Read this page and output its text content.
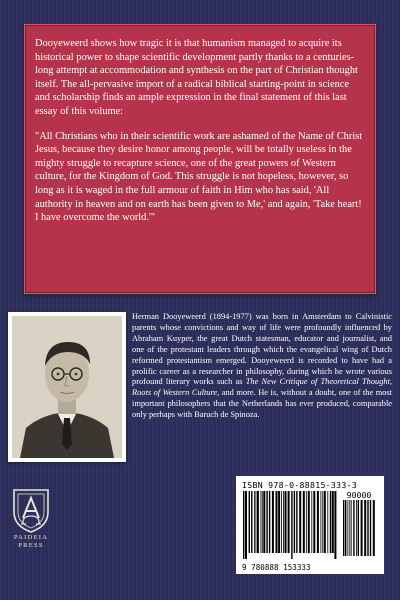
Dooyeweerd shows how tragic it is that humanism managed to acquire its historical power to shape scientific development partly thanks to a centuries-long attempt at accommodation and synthesis on the part of Christian thought itself. The all-pervasive import of a radical biblical starting-point in science and scholarship finds an ample expression in the final statement of this last essay of this volume:

"All Christians who in their scientific work are ashamed of the Name of Christ Jesus, because they desire honor among people, will be totally useless in the mighty struggle to recapture science, one of the great powers of Western culture, for the Kingdom of God. This struggle is not hopeless, however, so long as it is waged in the full armour of faith in Him who has said, 'All authority in heaven and on earth has been given to Me,' and again, 'Take heart! I have overcome the world.'"

Herman Dooyeweerd (1894-1977) was born in Amsterdam to Calvinistic parents whose convictions and way of life were profoundly influenced by Abraham Kuyper, the great Dutch statesman, educator and journalist, and one of the protestant leaders through which the evangelical wing of Dutch reformed protestantism emerged. Dooyeweerd is recorded to have had a prolific career as a researcher in philosophy, during which he wrote various profound literary works such as The New Critique of Theoretical Thought, Roots of Western Culture, and more. He is, without a doubt, one of the most important philosophers that the Netherlands has ever produced, comparable only perhaps with Baruch de Spinoza.
PAIDEIA
PRESS
ISBN 978-0-88815-333-3
9 780888 153333
90000
